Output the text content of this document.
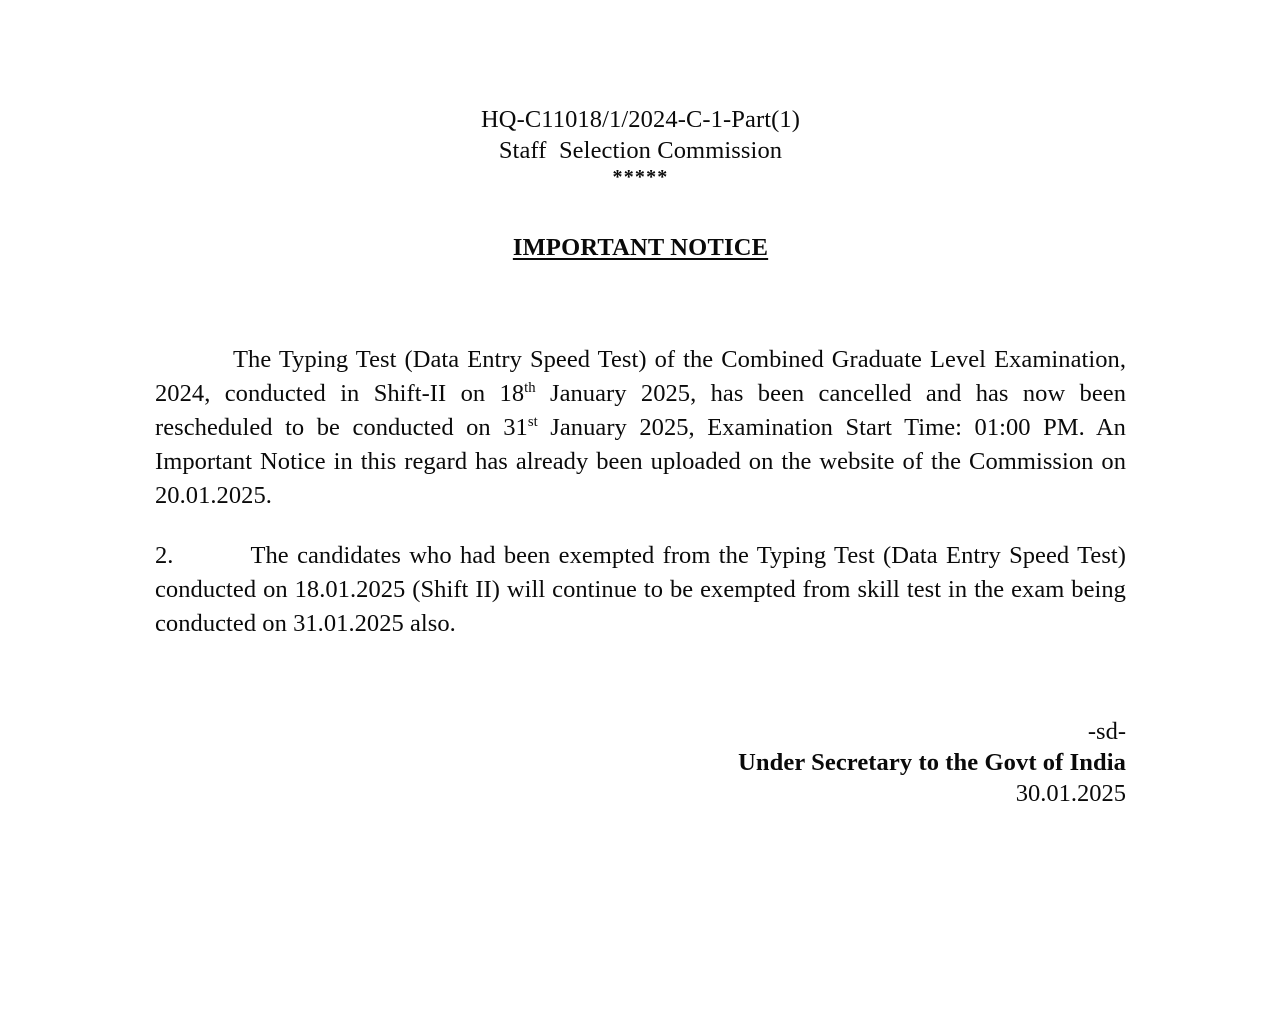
HQ-C11018/1/2024-C-1-Part(1)
Staff  Selection Commission
*****
IMPORTANT NOTICE

The Typing Test (Data Entry Speed Test) of the Combined Graduate Level Examination, 2024, conducted in Shift-II on 18th January 2025, has been cancelled and has now been rescheduled to be conducted on 31st January 2025, Examination Start Time: 01:00 PM. An Important Notice in this regard has already been uploaded on the website of the Commission on 20.01.2025.

2.	The candidates who had been exempted from the Typing Test (Data Entry Speed Test) conducted on 18.01.2025 (Shift II) will continue to be exempted from skill test in the exam being conducted on 31.01.2025 also.

-sd-
Under Secretary to the Govt of India
30.01.2025
